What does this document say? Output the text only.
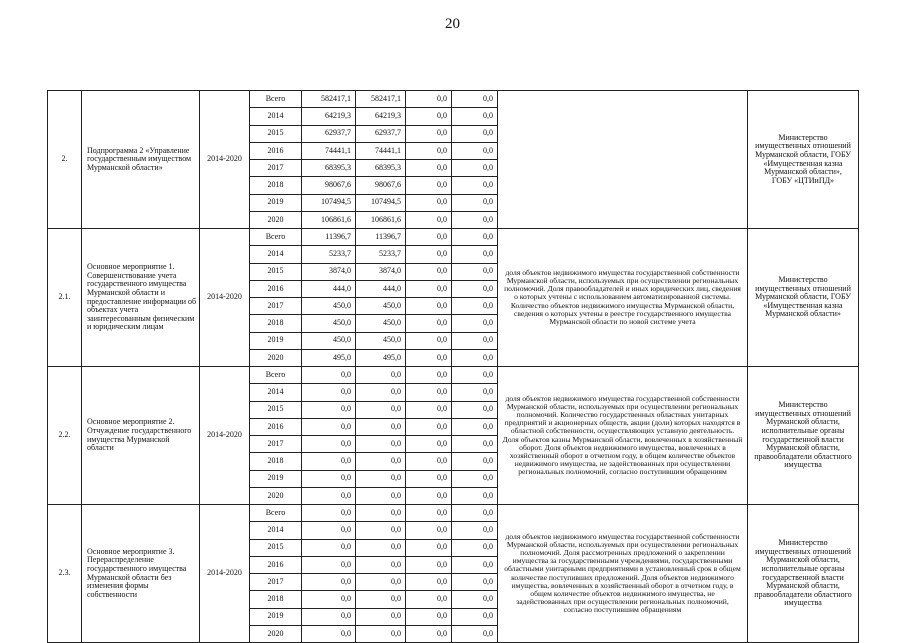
20
2.	Подпрограмма 2 «Управление государственным имуществом Мурманской области»	2014-2020	Всего	582417,1	582417,1	0,0	0,0		Министерство имущественных отношений Мурманской области, ГОБУ «Имущественная казна Мурманской области», ГОБУ «ЦТИиПД»
			2014	64219,3	64219,3	0,0	0,0		
			2015	62937,7	62937,7	0,0	0,0		
			2016	74441,1	74441,1	0,0	0,0		
			2017	68395,3	68395,3	0,0	0,0		
			2018	98067,6	98067,6	0,0	0,0		
			2019	107494,5	107494,5	0,0	0,0		
			2020	106861,6	106861,6	0,0	0,0		
2.1.	Основное мероприятие 1. Совершенствование учета государственного имущества Мурманской области и предоставление информации об объектах учета заинтересованным физическим и юридическим лицам	2014-2020	Всего	11396,7	11396,7	0,0	0,0	доля объектов недвижимого имущества государственной собственности Мурманской области, используемых при осуществлении региональных полномочий. Доля правообладателей и иных юридических лиц, сведения о которых учтены с использованием автоматизированной системы. Количество объектов недвижимого имущества Мурманской области, сведения о которых учтены в реестре государственного имущества Мурманской области по новой системе учета	Министерство имущественных отношений Мурманской области, ГОБУ «Имущественная казна Мурманской области»
			2014	5233,7	5233,7	0,0	0,0		
			2015	3874,0	3874,0	0,0	0,0		
			2016	444,0	444,0	0,0	0,0		
			2017	450,0	450,0	0,0	0,0		
			2018	450,0	450,0	0,0	0,0		
			2019	450,0	450,0	0,0	0,0		
			2020	495,0	495,0	0,0	0,0		
2.2.	Основное мероприятие 2. Отчуждение государственного имущества Мурманской области	2014-2020	Всего	0,0	0,0	0,0	0,0	доля объектов недвижимого имущества государственной собственности Мурманской области, используемых при осуществлении региональных полномочий. Количество государственных областных унитарных предприятий и акционерных обществ, акции (доли) которых находятся в областной собственности, осуществляющих уставную деятельность. Доля объектов казны Мурманской области, вовлеченных в хозяйственный оборот. Доля объектов недвижимого имущества, вовлеченных в хозяйственный оборот в отчетном году, в общем количестве объектов недвижимого имущества, не задействованных при осуществлении региональных полномочий, согласно поступившим обращениям	Министерство имущественных отношений Мурманской области, исполнительные органы государственной власти Мурманской области, правообладатели областного имущества
			2014	0,0	0,0	0,0	0,0		
			2015	0,0	0,0	0,0	0,0		
			2016	0,0	0,0	0,0	0,0		
			2017	0,0	0,0	0,0	0,0		
			2018	0,0	0,0	0,0	0,0		
			2019	0,0	0,0	0,0	0,0		
			2020	0,0	0,0	0,0	0,0		
2.3.	Основное мероприятие 3. Перераспределение государственного имущества Мурманской области без изменения формы собственности	2014-2020	Всего	0,0	0,0	0,0	0,0	доля объектов недвижимого имущества государственной собственности Мурманской области, используемых при осуществлении региональных полномочий. Доля рассмотренных предложений о закреплении имущества за государственными учреждениями, государственными областными унитарными предприятиями в установленный срок в общем количестве поступивших предложений. Доля объектов недвижимого имущества, вовлеченных в хозяйственный оборот в отчетном году, в общем количестве объектов недвижимого имущества, не задействованных при осуществлении региональных полномочий, согласно поступившим обращениям	Министерство имущественных отношений Мурманской области, исполнительные органы государственной власти Мурманской области, правообладатели областного имущества
			2014	0,0	0,0	0,0	0,0		
			2015	0,0	0,0	0,0	0,0		
			2016	0,0	0,0	0,0	0,0		
			2017	0,0	0,0	0,0	0,0		
			2018	0,0	0,0	0,0	0,0		
			2019	0,0	0,0	0,0	0,0		
			2020	0,0	0,0	0,0	0,0		
